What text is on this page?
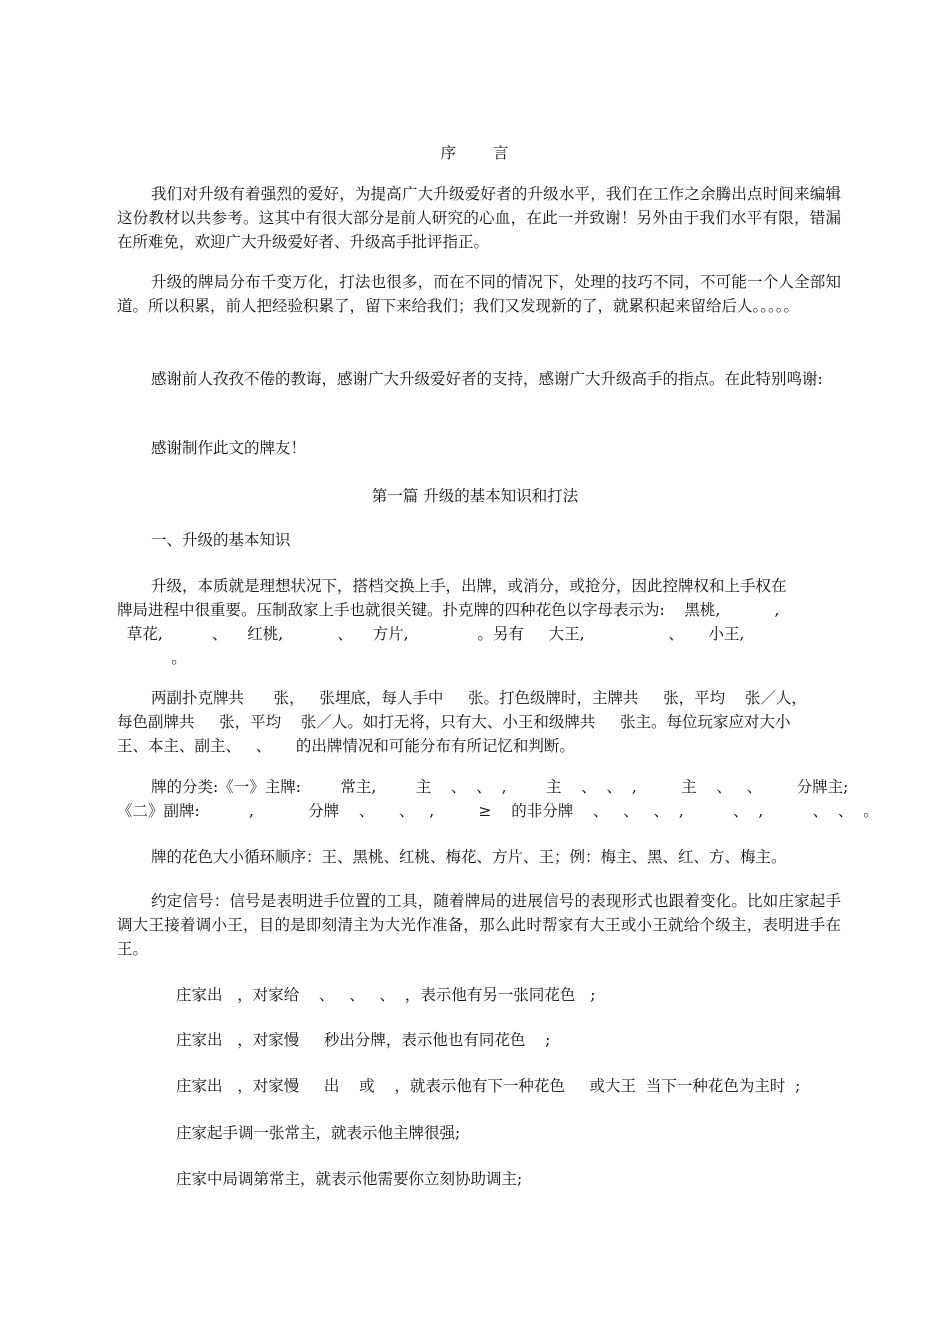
序 言
我们对升级有着强烈的爱好，为提高广大升级爱好者的升级水平，我们在工作之余腾出点时间来编辑这份教材以共参考。这其中有很大部分是前人研究的心血，在此一并致谢！另外由于我们水平有限，错漏在所难免，欢迎广大升级爱好者、升级高手批评指正。
升级的牌局分布千变万化，打法也很多，而在不同的情况下，处理的技巧不同，不可能一个人全部知道。所以积累，前人把经验积累了，留下来给我们；我们又发现新的了，就累积起来留给后人。。。。。
感谢前人孜孜不倦的教诲，感谢广大升级爱好者的支持，感谢广大升级高手的指点。在此特别鸣谢:
感谢制作此文的牌友！
第一篇 升级的基本知识和打法
一、升级的基本知识
升级，本质就是理想状况下，搭档交换上手，出牌，或消分，或抢分，因此控牌权和上手权在
牌局进程中很重要。压制敌家上手也就很关键。扑克牌的四种花色以字母表示为:    黑桃,           ,
草花,          、    红桃,           、    方片,              。另有     大王,                 、     小王,
。
两副扑克牌共      张，   张埋底，每人手中     张。打色级牌时，主牌共     张，平均    张／人，
每色副牌共     张，平均    张／人。如打无将，只有大、小王和级牌共     张主。每位玩家应对大小
王、本主、副主、   、     的出牌情况和可能分布有所记忆和判断。
牌的分类:《一》主牌:        常主,        主    、  、  ,        主    、  、  ,         主    、   、       分牌主;
《二》副牌:          ,           分牌    、     、   ,         ≥    的非分牌    、   、   、  ,          、  ,          、  、  。
牌的花色大小循环顺序：王、黑桃、红桃、梅花、方片、王；例：梅主、黑、红、方、梅主。
约定信号：信号是表明进手位置的工具，随着牌局的进展信号的表现形式也跟着变化。比如庄家起手调大王接着调小王，目的是即刻清主为大光作准备，那么此时帮家有大王或小王就给个级主，表明进手在王。
庄家出   ，对家给    、   、   、  ，表示他有另一张同花色   ;
庄家出   ，对家慢     秒出分牌，表示他也有同花色    ;
庄家出   ，对家慢     出    或    ，就表示他有下一种花色     或大王  当下一种花色为主时  ;
庄家起手调一张常主，就表示他主牌很强;
庄家中局调第常主，就表示他需要你立刻协助调主;
